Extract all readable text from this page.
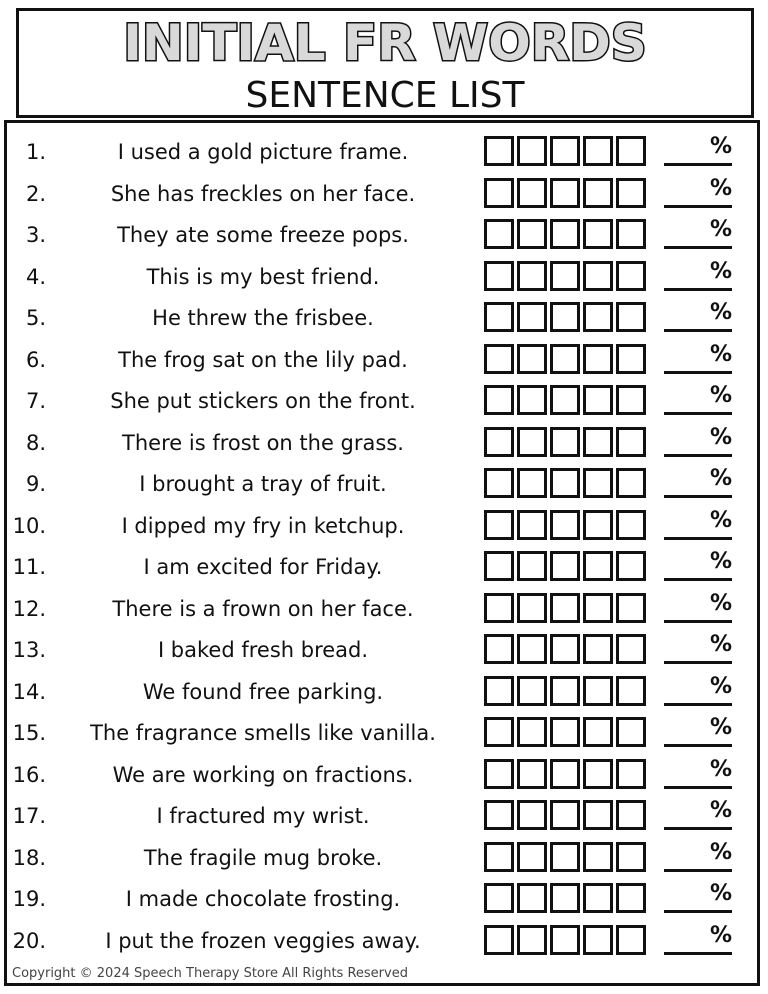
INITIAL FR WORDS
SENTENCE LIST
1.	I used a gold picture frame.	%
2.	She has freckles on her face.	%
3.	They ate some freeze pops.	%
4.	This is my best friend.	%
5.	He threw the frisbee.	%
6.	The frog sat on the lily pad.	%
7.	She put stickers on the front.	%
8.	There is frost on the grass.	%
9.	I brought a tray of fruit.	%
10.	I dipped my fry in ketchup.	%
11.	I am excited for Friday.	%
12.	There is a frown on her face.	%
13.	I baked fresh bread.	%
14.	We found free parking.	%
15.	The fragrance smells like vanilla.	%
16.	We are working on fractions.	%
17.	I fractured my wrist.	%
18.	The fragile mug broke.	%
19.	I made chocolate frosting.	%
20.	I put the frozen veggies away.	%
Copyright © 2024 Speech Therapy Store All Rights Reserved
